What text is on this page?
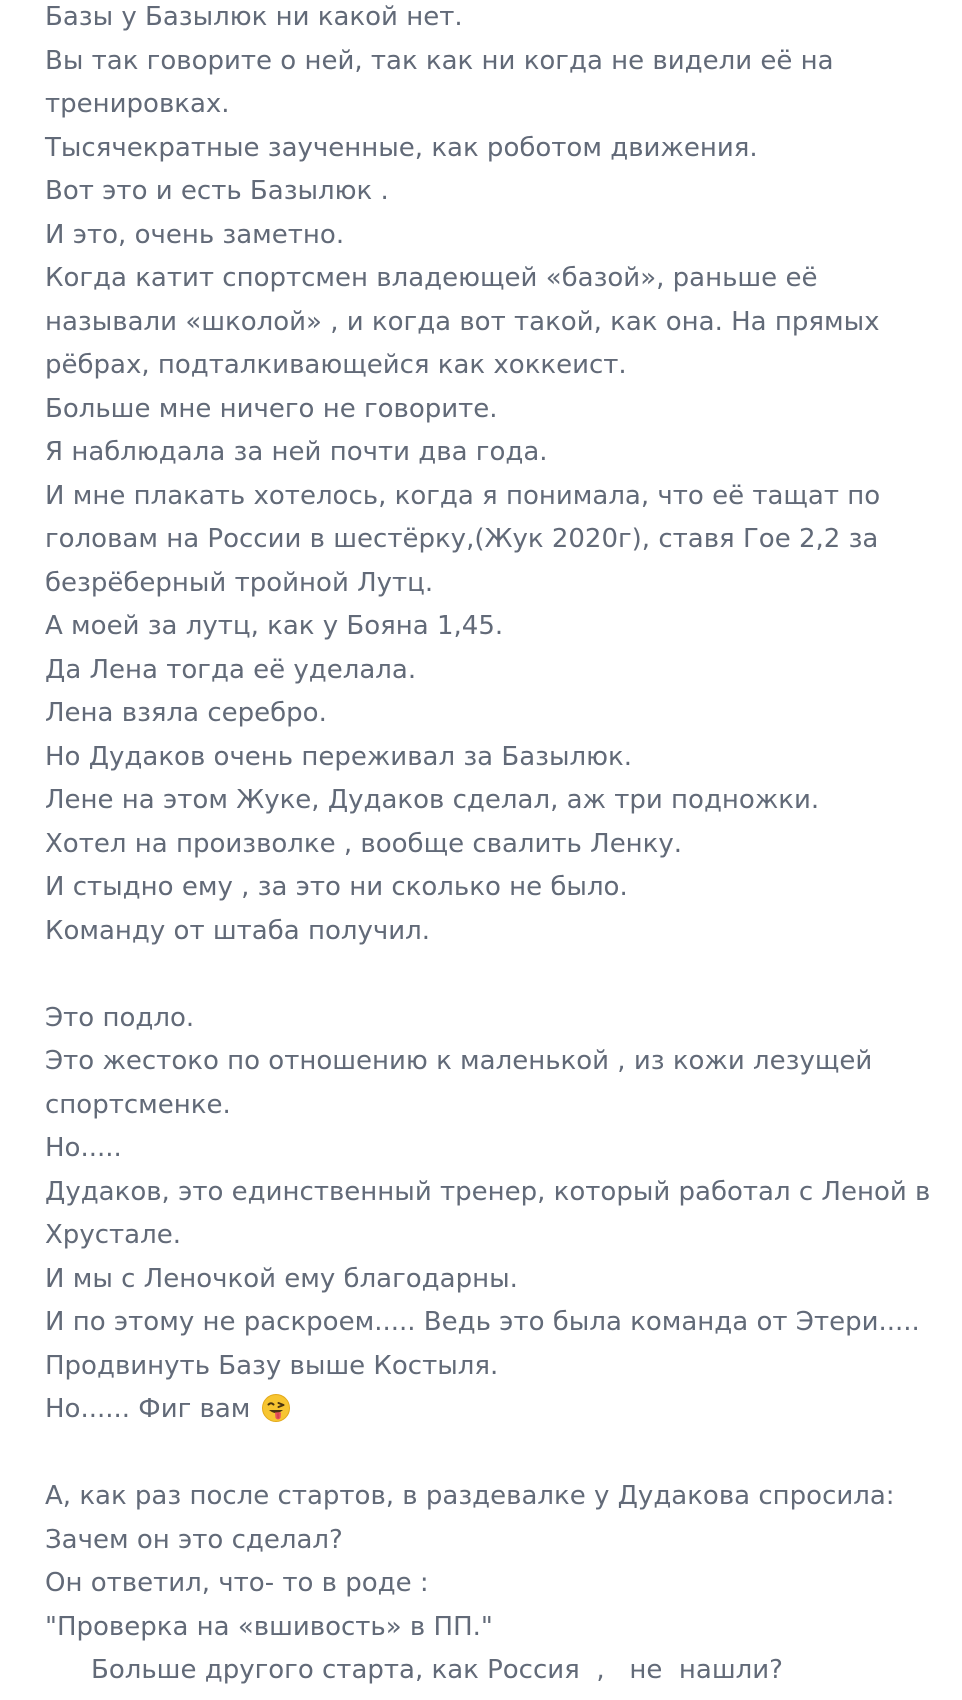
Базы у Базылюк ни какой нет.
Вы так говорите о ней, так как ни когда не видели её на
тренировках.
Тысячекратные заученные, как роботом движения.
Вот это и есть Базылюк .
И это, очень заметно.
Когда катит спортсмен владеющей «базой», раньше её
называли «школой» , и когда вот такой, как она. На прямых
рёбрах, подталкивающейся как хоккеист.
Больше мне ничего не говорите.
Я наблюдала за ней почти два года.
И мне плакать хотелось, когда я понимала, что её тащат по
головам на России в шестёрку,(Жук 2020г), ставя Гое 2,2 за
безрёберный тройной Лутц.
А моей за лутц, как у Бояна 1,45.
Да Лена тогда её уделала.
Лена взяла серебро.
Но Дудаков очень переживал за Базылюк.
Лене на этом Жуке, Дудаков сделал, аж три подножки.
Хотел на произволке , вообще свалить Ленку.
И стыдно ему , за это ни сколько не было.
Команду от штаба получил.
Это подло.
Это жестоко по отношению к маленькой , из кожи лезущей
спортсменке.
Но.....
Дудаков, это единственный тренер, который работал с Леной в
Хрустале.
И мы с Леночкой ему благодарны.
И по этому не раскроем..... Ведь это была команда от Этери.....
Продвинуть Базу выше Костыля.
Но...... Фиг вам
А, как раз после стартов, в раздевалке у Дудакова спросила:
Зачем он это сделал?
Он ответил, что- то в роде :
"Проверка на «вшивость» в ПП."
Больше другого старта, как Россия  ,   не  нашли?
